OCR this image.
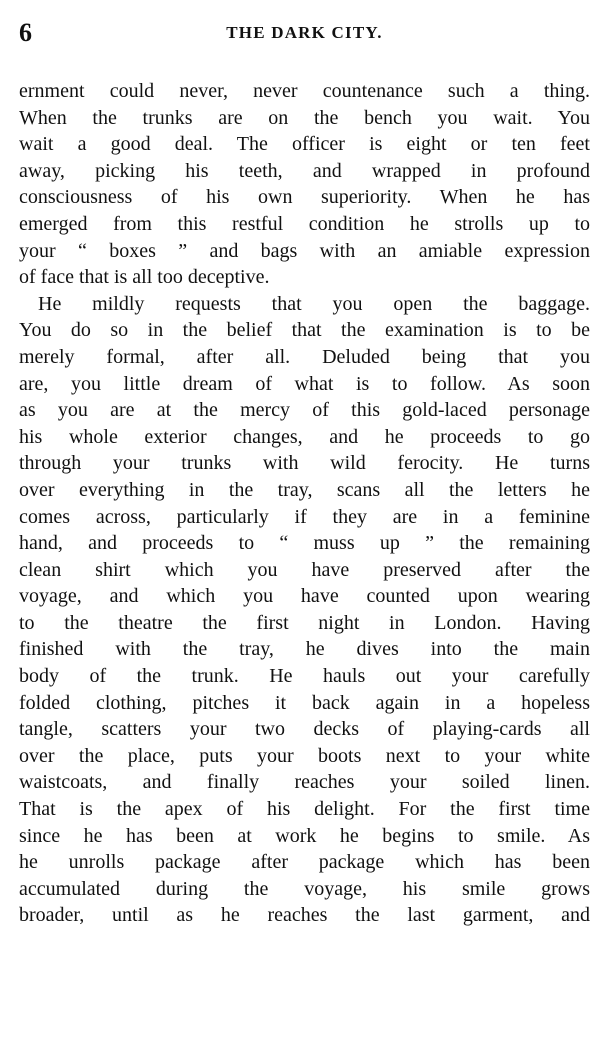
6	THE DARK CITY.
ernment could never, never countenance such a thing.
When the trunks are on the bench you wait. You
wait a good deal. The officer is eight or ten feet
away, picking his teeth, and wrapped in profound
consciousness of his own superiority. When he has
emerged from this restful condition he strolls up to
your “ boxes ” and bags with an amiable expression
of face that is all too deceptive.
He mildly requests that you open the baggage.
You do so in the belief that the examination is to be
merely formal, after all. Deluded being that you
are, you little dream of what is to follow. As soon
as you are at the mercy of this gold-laced personage
his whole exterior changes, and he proceeds to go
through your trunks with wild ferocity. He turns
over everything in the tray, scans all the letters he
comes across, particularly if they are in a feminine
hand, and proceeds to “ muss up ” the remaining
clean shirt which you have preserved after the
voyage, and which you have counted upon wearing
to the theatre the first night in London. Having
finished with the tray, he dives into the main
body of the trunk. He hauls out your carefully
folded clothing, pitches it back again in a hopeless
tangle, scatters your two decks of playing-cards all
over the place, puts your boots next to your white
waistcoats, and finally reaches your soiled linen.
That is the apex of his delight. For the first time
since he has been at work he begins to smile. As
he unrolls package after package which has been
accumulated during the voyage, his smile grows
broader, until as he reaches the last garment, and
